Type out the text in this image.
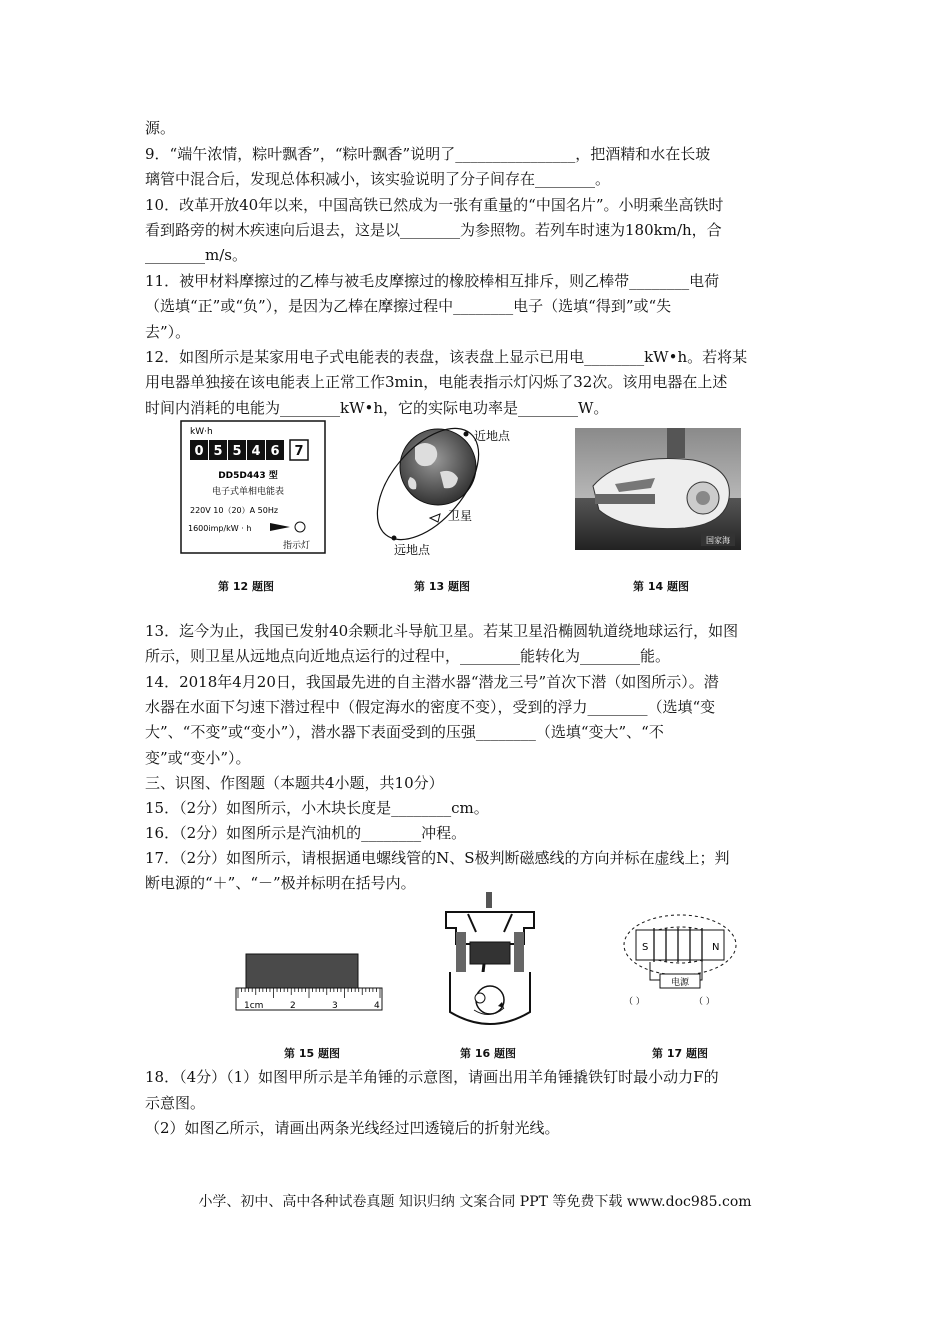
源。
9．“端午浓情，粽叶飘香”，“粽叶飘香”说明了________________，把酒精和水在长玻
璃管中混合后，发现总体积减小，该实验说明了分子间存在________。
10．改革开放40年以来，中国高铁已然成为一张有重量的“中国名片”。小明乘坐高铁时
看到路旁的树木疾速向后退去，这是以________为参照物。若列车时速为180km/h，合
________m/s。
11．被甲材料摩擦过的乙棒与被毛皮摩擦过的橡胶棒相互排斥，则乙棒带________电荷
（选填“正”或“负”），是因为乙棒在摩擦过程中________电子（选填“得到”或“失
去”）。
12．如图所示是某家用电子式电能表的表盘，该表盘上显示已用电________kW•h。若将某
用电器单独接在该电能表上正常工作3min，电能表指示灯闪烁了32次。该用电器在上述
时间内消耗的电能为________kW•h，它的实际电功率是________W。
kW·h
0 5 5 4 6 7
DD5D443 型
电子式单相电能表
220V 10（20）A 50Hz
1600imp/kW · h
指示灯
第 12 题图
近地点
卫星
远地点
第 13 题图
国家海
第 14 题图
13．迄今为止，我国已发射40余颗北斗导航卫星。若某卫星沿椭圆轨道绕地球运行，如图
所示，则卫星从远地点向近地点运行的过程中，________能转化为________能。
14．2018年4月20日，我国最先进的自主潜水器“潜龙三号”首次下潜（如图所示）。潜
水器在水面下匀速下潜过程中（假定海水的密度不变），受到的浮力________（选填“变
大”、“不变”或“变小”），潜水器下表面受到的压强________（选填“变大”、“不
变”或“变小”）。
三、识图、作图题（本题共4小题，共10分）
15．（2分）如图所示，小木块长度是________cm。
16．（2分）如图所示是汽油机的________冲程。
17．（2分）如图所示，请根据通电螺线管的N、S极判断磁感线的方向并标在虚线上；判
断电源的“＋”、“－”极并标明在括号内。
1cm	2	3	4
第 15 题图	第 16 题图
S	N
电源
（ ）	（ ）
第 17 题图
18．（4分）（1）如图甲所示是羊角锤的示意图，请画出用羊角锤撬铁钉时最小动力F的
示意图。
（2）如图乙所示，请画出两条光线经过凹透镜后的折射光线。
小学、初中、高中各种试卷真题 知识归纳 文案合同 PPT 等免费下载 www.doc985.com
